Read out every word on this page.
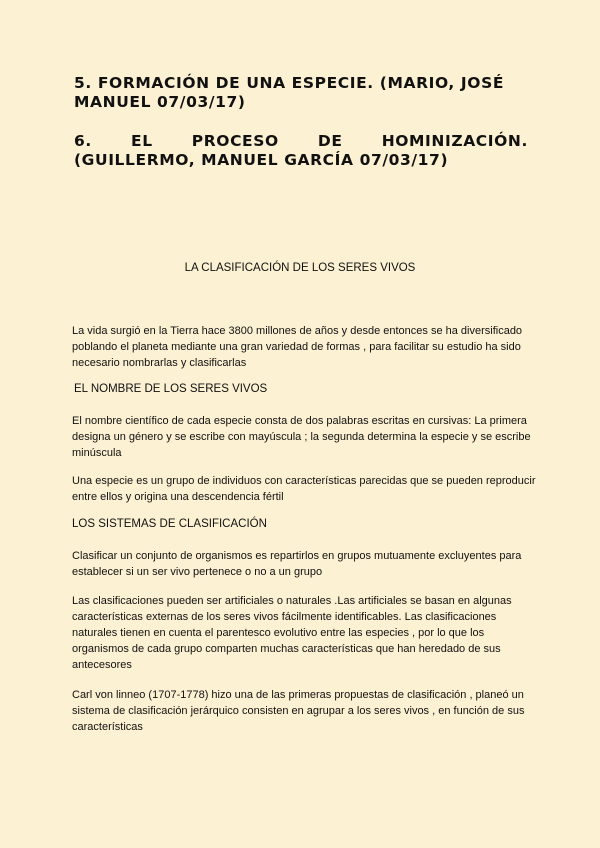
5. FORMACIÓN DE UNA ESPECIE. (MARIO, JOSÉ
MANUEL 07/03/17)
6.	EL	PROCESO	DE	HOMINIZACIÓN.
(GUILLERMO, MANUEL GARCÍA 07/03/17)
LA CLASIFICACIÓN DE LOS SERES VIVOS

La vida surgió en la Tierra hace 3800 millones de años y desde entonces se ha diversificado poblando el planeta mediante una gran variedad de formas , para facilitar su estudio ha sido necesario nombrarlas y clasificarlas

EL NOMBRE DE LOS SERES VIVOS

El nombre científico de cada especie consta de dos palabras escritas en cursivas: La primera designa un género y se escribe con mayúscula ; la segunda determina la especie y se escribe minúscula

Una especie es un grupo de individuos con características parecidas que se pueden reproducir entre ellos y origina una descendencia fértil

LOS SISTEMAS DE CLASIFICACIÓN

Clasificar un conjunto de organismos es repartirlos en grupos mutuamente excluyentes para establecer si un ser vivo pertenece o no a un grupo

Las clasificaciones pueden ser artificiales o naturales .Las artificiales se basan en algunas características externas de los seres vivos fácilmente identificables. Las clasificaciones naturales tienen en cuenta el parentesco evolutivo entre las especies , por lo que los organismos de cada grupo comparten muchas características que han heredado de sus antecesores

Carl von linneo (1707-1778) hizo una de las primeras propuestas de clasificación , planeó un sistema de clasificación jerárquico consisten en agrupar a los seres vivos , en función de sus características
